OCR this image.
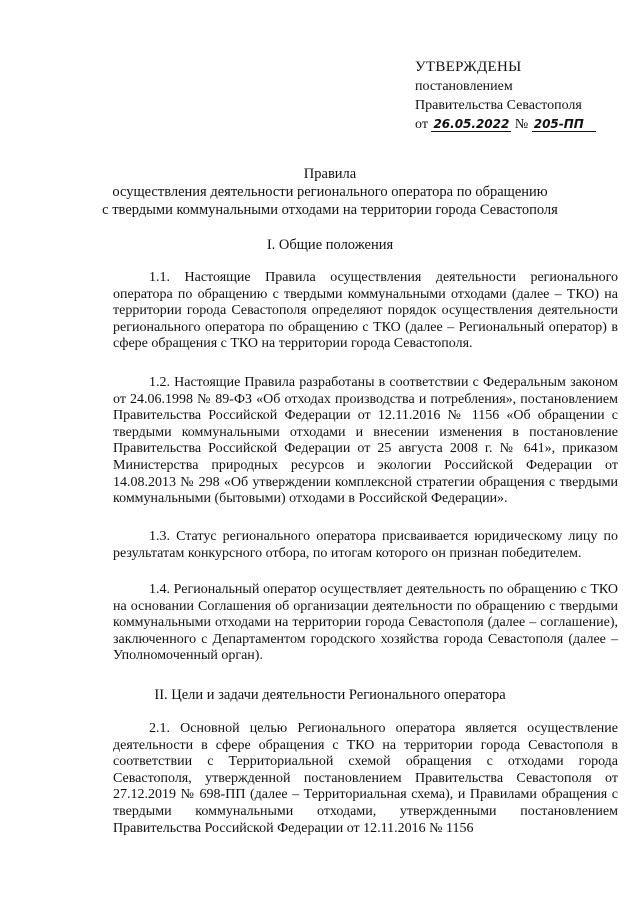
УТВЕРЖДЕНЫ
постановлением
Правительства Севастополя
от 26.05.2022 № 205-ПП
Правила
осуществления деятельности регионального оператора по обращению
с твердыми коммунальными отходами на территории города Севастополя
I. Общие положения
1.1. Настоящие Правила осуществления деятельности регионального оператора по обращению с твердыми коммунальными отходами (далее – ТКО) на территории города Севастополя определяют порядок осуществления деятельности регионального оператора по обращению с ТКО (далее – Региональный оператор) в сфере обращения с ТКО на территории города Севастополя.
1.2. Настоящие Правила разработаны в соответствии с Федеральным законом от 24.06.1998 № 89-ФЗ «Об отходах производства и потребления», постановлением Правительства Российской Федерации от 12.11.2016 № 1156 «Об обращении с твердыми коммунальными отходами и внесении изменения в постановление Правительства Российской Федерации от 25 августа 2008 г. № 641», приказом Министерства природных ресурсов и экологии Российской Федерации от 14.08.2013 № 298 «Об утверждении комплексной стратегии обращения с твердыми коммунальными (бытовыми) отходами в Российской Федерации».
1.3. Статус регионального оператора присваивается юридическому лицу по результатам конкурсного отбора, по итогам которого он признан победителем.
1.4. Региональный оператор осуществляет деятельность по обращению с ТКО на основании Соглашения об организации деятельности по обращению с твердыми коммунальными отходами на территории города Севастополя (далее – соглашение), заключенного с Департаментом городского хозяйства города Севастополя (далее – Уполномоченный орган).
II. Цели и задачи деятельности Регионального оператора
2.1. Основной целью Регионального оператора является осуществление деятельности в сфере обращения с ТКО на территории города Севастополя в соответствии с Территориальной схемой обращения с отходами города Севастополя, утвержденной постановлением Правительства Севастополя от 27.12.2019 № 698-ПП (далее – Территориальная схема), и Правилами обращения с твердыми коммунальными отходами, утвержденными постановлением Правительства Российской Федерации от 12.11.2016 № 1156
